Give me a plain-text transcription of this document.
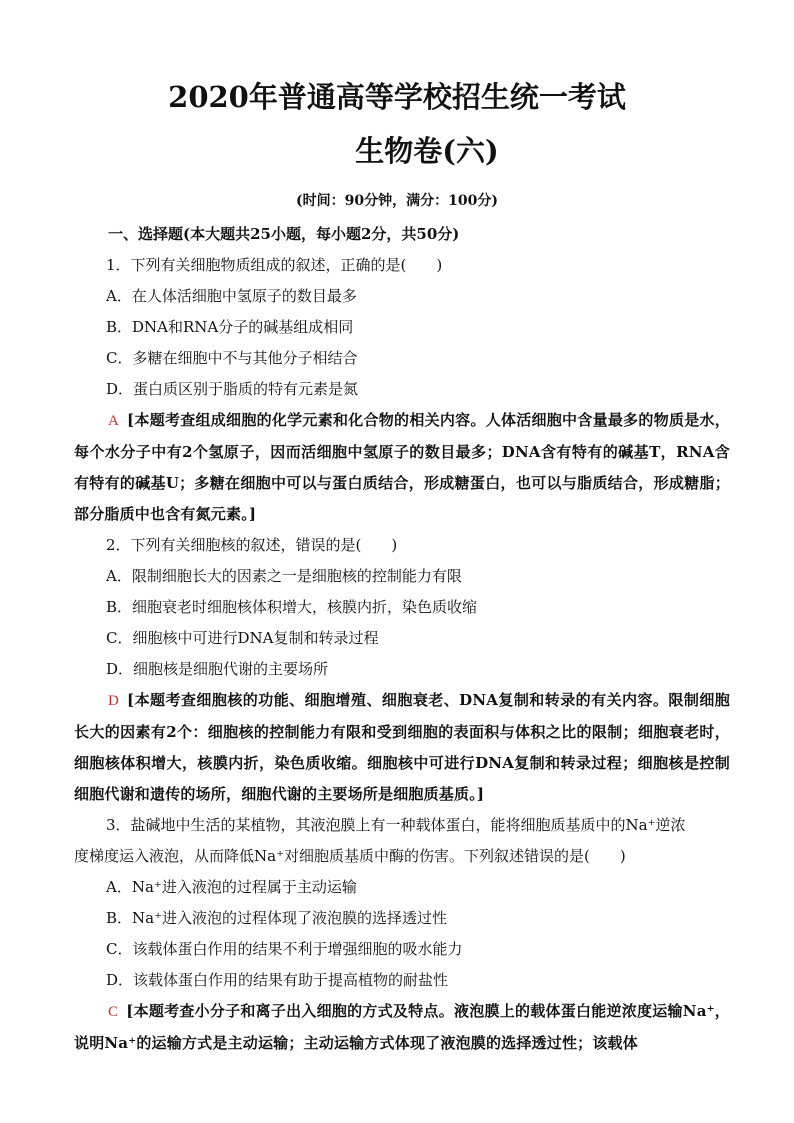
2020年普通高等学校招生统一考试
生物卷(六)
(时间：90分钟，满分：100分)
一、选择题(本大题共25小题，每小题2分，共50分)
1．下列有关细胞物质组成的叙述，正确的是(　　)
A．在人体活细胞中氢原子的数目最多
B．DNA和RNA分子的碱基组成相同
C．多糖在细胞中不与其他分子相结合
D．蛋白质区别于脂质的特有元素是氮
A [本题考查组成细胞的化学元素和化合物的相关内容。人体活细胞中含量最多的物质是水，每个水分子中有2个氢原子，因而活细胞中氢原子的数目最多；DNA含有特有的碱基T，RNA含有特有的碱基U；多糖在细胞中可以与蛋白质结合，形成糖蛋白，也可以与脂质结合，形成糖脂；部分脂质中也含有氮元素。]
2．下列有关细胞核的叙述，错误的是(　　)
A．限制细胞长大的因素之一是细胞核的控制能力有限
B．细胞衰老时细胞核体积增大，核膜内折，染色质收缩
C．细胞核中可进行DNA复制和转录过程
D．细胞核是细胞代谢的主要场所
D [本题考查细胞核的功能、细胞增殖、细胞衰老、DNA复制和转录的有关内容。限制细胞长大的因素有2个：细胞核的控制能力有限和受到细胞的表面积与体积之比的限制；细胞衰老时，细胞核体积增大，核膜内折，染色质收缩。细胞核中可进行DNA复制和转录过程；细胞核是控制细胞代谢和遗传的场所，细胞代谢的主要场所是细胞质基质。]
3．盐碱地中生活的某植物，其液泡膜上有一种载体蛋白，能将细胞质基质中的Na⁺逆浓
度梯度运入液泡，从而降低Na⁺对细胞质基质中酶的伤害。下列叙述错误的是(　　)
A．Na⁺进入液泡的过程属于主动运输
B．Na⁺进入液泡的过程体现了液泡膜的选择透过性
C．该载体蛋白作用的结果不利于增强细胞的吸水能力
D．该载体蛋白作用的结果有助于提高植物的耐盐性
C [本题考查小分子和离子出入细胞的方式及特点。液泡膜上的载体蛋白能逆浓度运输Na⁺，说明Na⁺的运输方式是主动运输；主动运输方式体现了液泡膜的选择透过性；该载体
